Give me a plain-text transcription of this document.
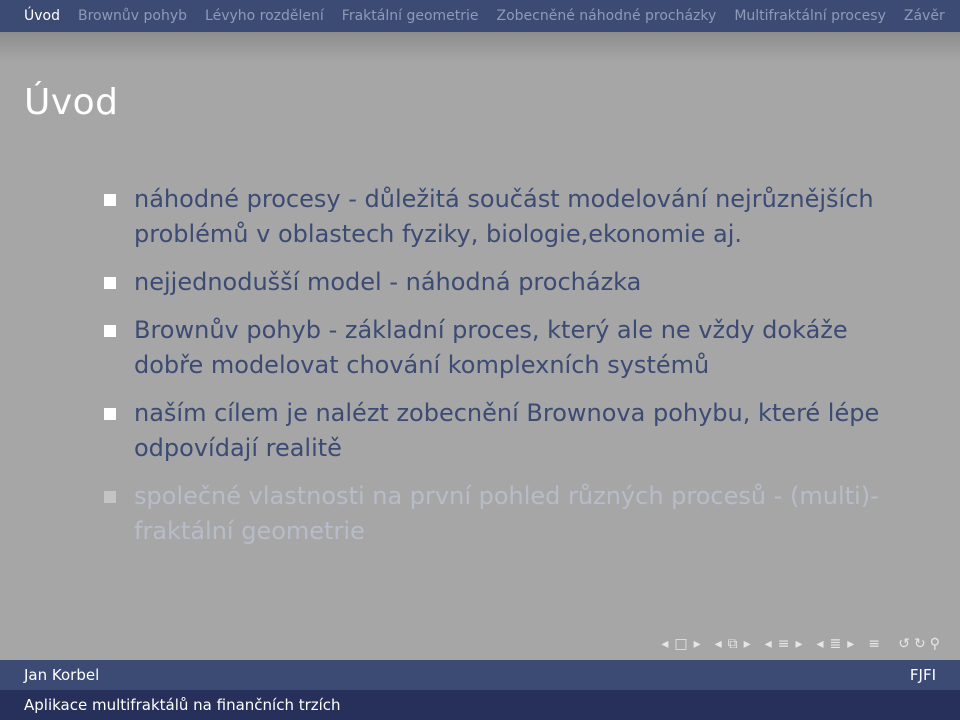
Úvod Brownův pohyb Lévyho rozdělení Fraktální geometrie Zobecněné náhodné procházky Multifraktální procesy Závěr
Úvod
náhodné procesy - důležitá součást modelování nejrůznějších problémů v oblastech fyziky, biologie,ekonomie aj.
nejjednodušší model - náhodná procházka
Brownův pohyb - základní proces, který ale ne vždy dokáže dobře modelovat chování komplexních systémů
naším cílem je nalézt zobecnění Brownova pohybu, které lépe odpovídají realitě
společné vlastnosti na první pohled různých procesů - (multi)-fraktální geometrie
◂ □ ▸ ◂ ⧉ ▸ ◂ ≡ ▸ ◂ ≣ ▸ ≡ ↺ ↻ ⚲
Jan Korbel	FJFI
Aplikace multifraktálů na finančních trzích
